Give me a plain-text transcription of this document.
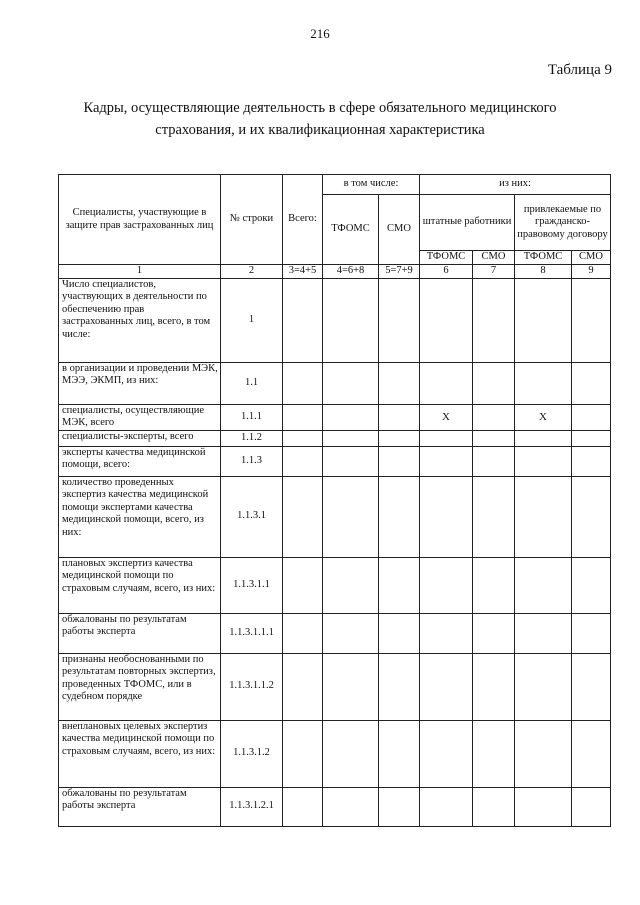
216
Таблица 9
Кадры, осуществляющие деятельность в сфере обязательного медицинского страхования, и их квалификационная характеристика
Специалисты, участвующие в защите прав застрахованных лиц	№ строки	Всего:	в том числе:		из них:				
			ТФОМС	СМО	штатные работники		привлекаемые по гражданско-правовому договору		
					ТФОМС	СМО	ТФОМС	СМО	
1	2	3=4+5	4=6+8	5=7+9	6	7	8	9	
Число специалистов, участвующих в деятельности по обеспечению прав застрахованных лиц, всего, в том числе:	1								
в организации и проведении МЭК, МЭЭ, ЭКМП, из них:	1.1								
специалисты, осуществляющие МЭК, всего	1.1.1				X		X		
специалисты-эксперты, всего	1.1.2								
эксперты качества медицинской помощи, всего:	1.1.3								
количество проведенных экспертиз качества медицинской помощи экспертами качества медицинской помощи, всего, из них:	1.1.3.1								
плановых экспертиз качества медицинской помощи по страховым случаям, всего, из них:	1.1.3.1.1								
обжалованы по результатам работы эксперта	1.1.3.1.1.1								
признаны необоснованными по результатам повторных экспертиз, проведенных ТФОМС, или в судебном порядке	1.1.3.1.1.2								
внеплановых целевых экспертиз качества медицинской помощи по страховым случаям, всего, из них:	1.1.3.1.2								
обжалованы по результатам работы эксперта	1.1.3.1.2.1								
